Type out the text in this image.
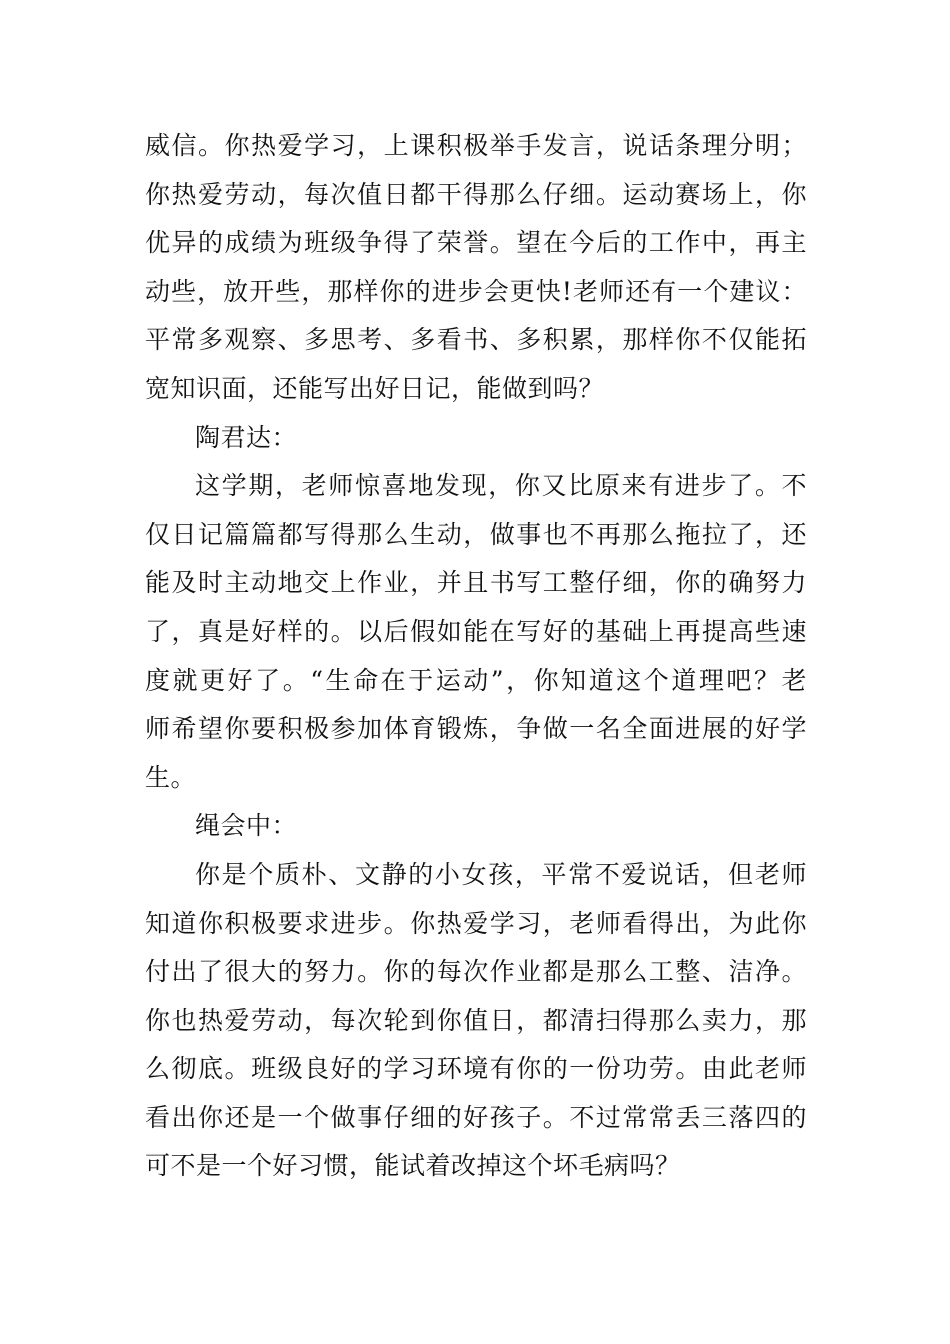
威信。你热爱学习，上课积极举手发言，说话条理分明；
你热爱劳动，每次值日都干得那么仔细。运动赛场上，你
优异的成绩为班级争得了荣誉。望在今后的工作中，再主
动些，放开些，那样你的进步会更快!老师还有一个建议：
平常多观察、多思考、多看书、多积累，那样你不仅能拓
宽知识面，还能写出好日记，能做到吗？
陶君达：
这学期，老师惊喜地发现，你又比原来有进步了。不
仅日记篇篇都写得那么生动，做事也不再那么拖拉了，还
能及时主动地交上作业，并且书写工整仔细，你的确努力
了，真是好样的。以后假如能在写好的基础上再提高些速
度就更好了。“生命在于运动”，你知道这个道理吧？老
师希望你要积极参加体育锻炼，争做一名全面进展的好学
生。
绳会中：
你是个质朴、文静的小女孩，平常不爱说话，但老师
知道你积极要求进步。你热爱学习，老师看得出，为此你
付出了很大的努力。你的每次作业都是那么工整、洁净。
你也热爱劳动，每次轮到你值日，都清扫得那么卖力，那
么彻底。班级良好的学习环境有你的一份功劳。由此老师
看出你还是一个做事仔细的好孩子。不过常常丢三落四的
可不是一个好习惯，能试着改掉这个坏毛病吗？
